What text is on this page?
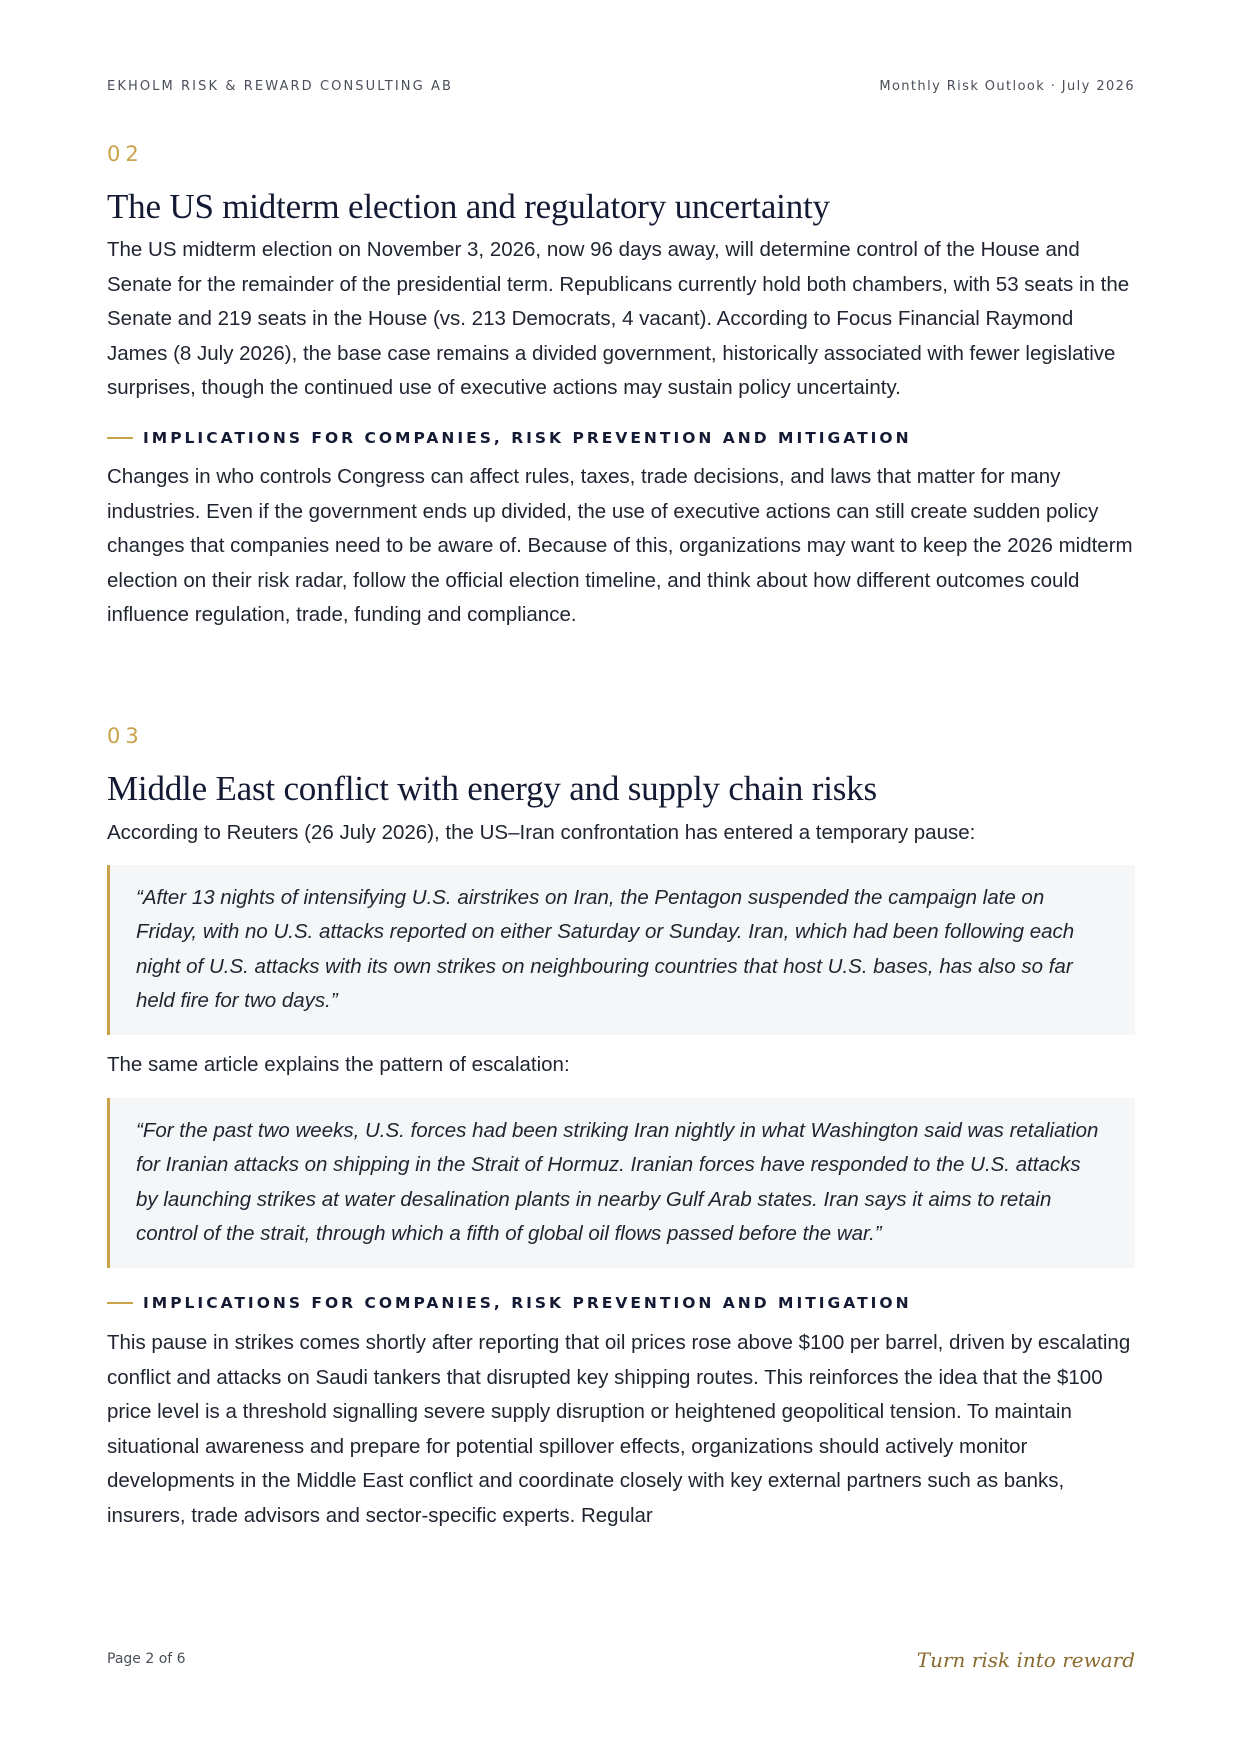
EKHOLM RISK & REWARD CONSULTING AB	Monthly Risk Outlook · July 2026

02

The US midterm election and regulatory uncertainty

The US midterm election on November 3, 2026, now 96 days away, will determine control of the House and Senate for the remainder of the presidential term. Republicans currently hold both chambers, with 53 seats in the Senate and 219 seats in the House (vs. 213 Democrats, 4 vacant). According to Focus Financial Raymond James (8 July 2026), the base case remains a divided government, historically associated with fewer legislative surprises, though the continued use of executive actions may sustain policy uncertainty.

IMPLICATIONS FOR COMPANIES, RISK PREVENTION AND MITIGATION

Changes in who controls Congress can affect rules, taxes, trade decisions, and laws that matter for many industries. Even if the government ends up divided, the use of executive actions can still create sudden policy changes that companies need to be aware of. Because of this, organizations may want to keep the 2026 midterm election on their risk radar, follow the official election timeline, and think about how different outcomes could influence regulation, trade, funding and compliance.

03

Middle East conflict with energy and supply chain risks

According to Reuters (26 July 2026), the US–Iran confrontation has entered a temporary pause:

“After 13 nights of intensifying U.S. airstrikes on Iran, the Pentagon suspended the campaign late on Friday, with no U.S. attacks reported on either Saturday or Sunday. Iran, which had been following each night of U.S. attacks with its own strikes on neighbouring countries that host U.S. bases, has also so far held fire for two days.”

The same article explains the pattern of escalation:

“For the past two weeks, U.S. forces had been striking Iran nightly in what Washington said was retaliation for Iranian attacks on shipping in the Strait of Hormuz. Iranian forces have responded to the U.S. attacks by launching strikes at water desalination plants in nearby Gulf Arab states. Iran says it aims to retain control of the strait, through which a fifth of global oil flows passed before the war.”
IMPLICATIONS FOR COMPANIES, RISK PREVENTION AND MITIGATION

This pause in strikes comes shortly after reporting that oil prices rose above $100 per barrel, driven by escalating conflict and attacks on Saudi tankers that disrupted key shipping routes. This reinforces the idea that the $100 price level is a threshold signalling severe supply disruption or heightened geopolitical tension. To maintain situational awareness and prepare for potential spillover effects, organizations should actively monitor developments in the Middle East conflict and coordinate closely with key external partners such as banks, insurers, trade advisors and sector-specific experts. Regular

Page 2 of 6	Turn risk into reward
